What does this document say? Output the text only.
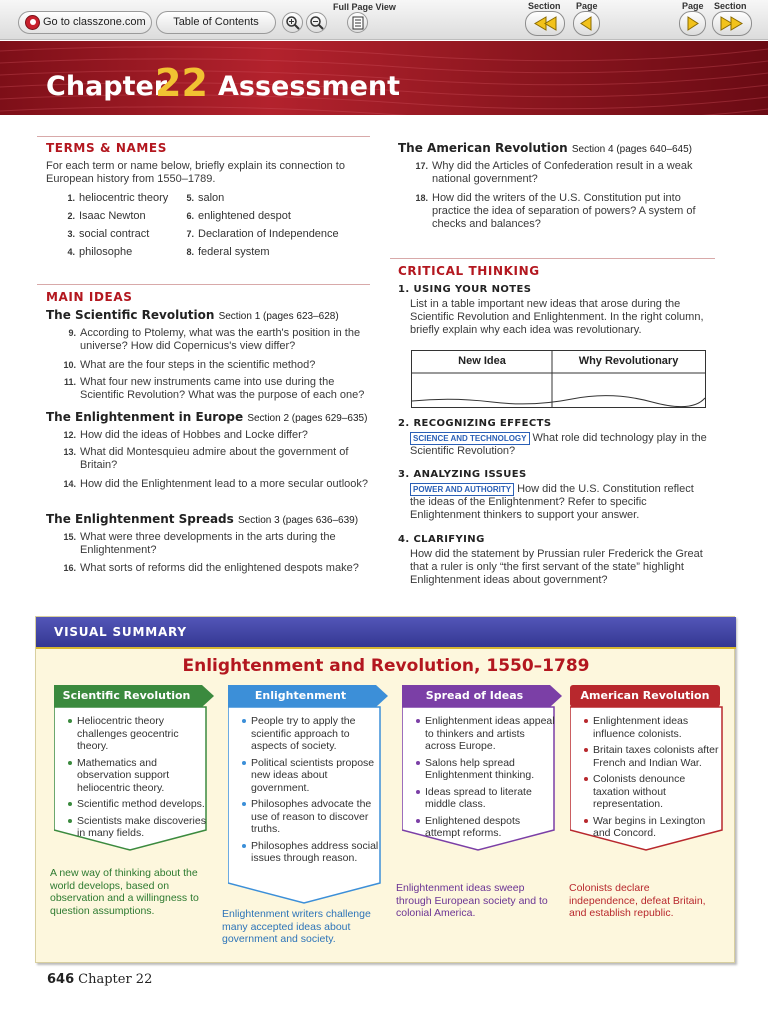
Go to classzone.com	Table of Contents
Full Page View	Section Page	Page Section
Chapter
22 Assessment
TERMS & NAMES
For each term or name below, briefly explain its connection to European history from 1550–1789.
1. heliocentric theory
2. Isaac Newton
3. social contract
4. philosophe
5. salon
6. enlightened despot
7. Declaration of Independence
8. federal system
MAIN IDEAS
The Scientific Revolution Section 1 (pages 623–628)
9. According to Ptolemy, what was the earth's position in the universe? How did Copernicus's view differ?
10. What are the four steps in the scientific method?
11. What four new instruments came into use during the Scientific Revolution? What was the purpose of each one?
The Enlightenment in Europe Section 2 (pages 629–635)
12. How did the ideas of Hobbes and Locke differ?
13. What did Montesquieu admire about the government of Britain?
14. How did the Enlightenment lead to a more secular outlook?
The Enlightenment Spreads Section 3 (pages 636–639)
15. What were three developments in the arts during the Enlightenment?
16. What sorts of reforms did the enlightened despots make?
The American Revolution Section 4 (pages 640–645)
17. Why did the Articles of Confederation result in a weak national government?
18. How did the writers of the U.S. Constitution put into practice the idea of separation of powers? A system of checks and balances?
CRITICAL THINKING
1. USING YOUR NOTES
List in a table important new ideas that arose during the Scientific Revolution and Enlightenment. In the right column, briefly explain why each idea was revolutionary.
New Idea	Why Revolutionary
2. RECOGNIZING EFFECTS
SCIENCE AND TECHNOLOGY What role did technology play in the Scientific Revolution?
3. ANALYZING ISSUES
POWER AND AUTHORITY How did the U.S. Constitution reflect the ideas of the Enlightenment? Refer to specific Enlightenment thinkers to support your answer.
4. CLARIFYING
How did the statement by Prussian ruler Frederick the Great that a ruler is only “the first servant of the state” highlight Enlightenment ideas about government?
VISUAL SUMMARY
Enlightenment and Revolution, 1550–1789
Scientific Revolution
Heliocentric theory challenges geocentric theory.
Mathematics and observation support heliocentric theory.
Scientific method develops.
Scientists make discoveries in many fields.
A new way of thinking about the world develops, based on observation and a willingness to question assumptions.
Enlightenment
People try to apply the scientific approach to aspects of society.
Political scientists propose new ideas about government.
Philosophes advocate the use of reason to discover truths.
Philosophes address social issues through reason.
Enlightenment writers challenge many accepted ideas about government and society.
Spread of Ideas
Enlightenment ideas appeal to thinkers and artists across Europe.
Salons help spread Enlightenment thinking.
Ideas spread to literate middle class.
Enlightened despots attempt reforms.
Enlightenment ideas sweep through European society and to colonial America.
American Revolution
Enlightenment ideas influence colonists.
Britain taxes colonists after French and Indian War.
Colonists denounce taxation without representation.
War begins in Lexington and Concord.
Colonists declare independence, defeat Britain, and establish republic.
646 Chapter 22
